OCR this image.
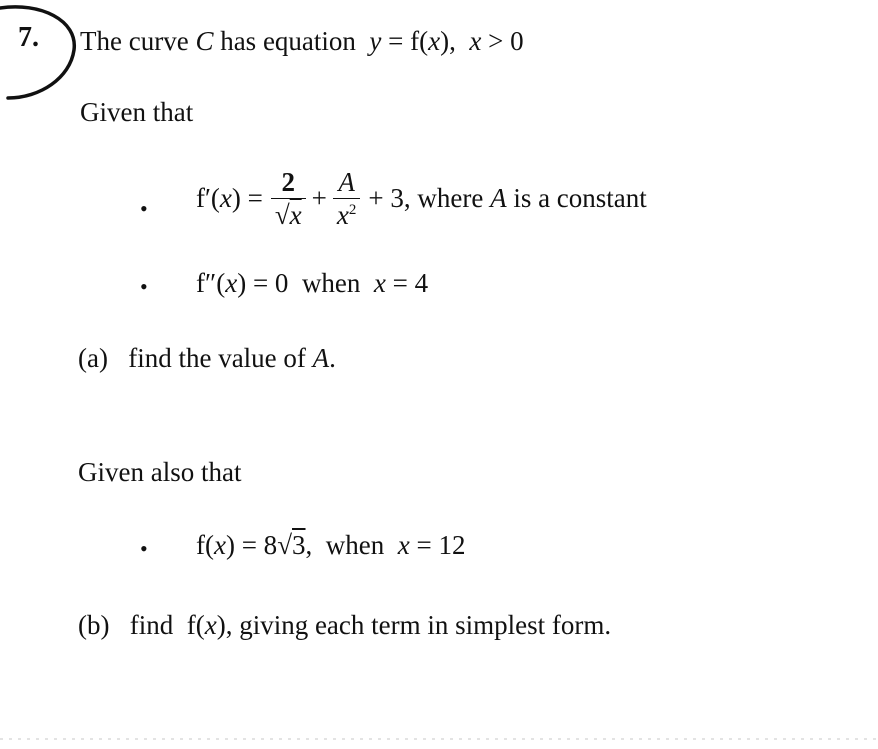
7. The curve C has equation y = f(x), x > 0
Given that
• f′( x ) = $\frac{2}{√x} + \frac{A}{x^2} + 3$, where
A
is a constant
• f″(x) = 0 when x = 4
(a) find the value of A.
Given also that
• f(x) = 8√3, when x = 12
(b) find f(x), giving each term in simplest form.
